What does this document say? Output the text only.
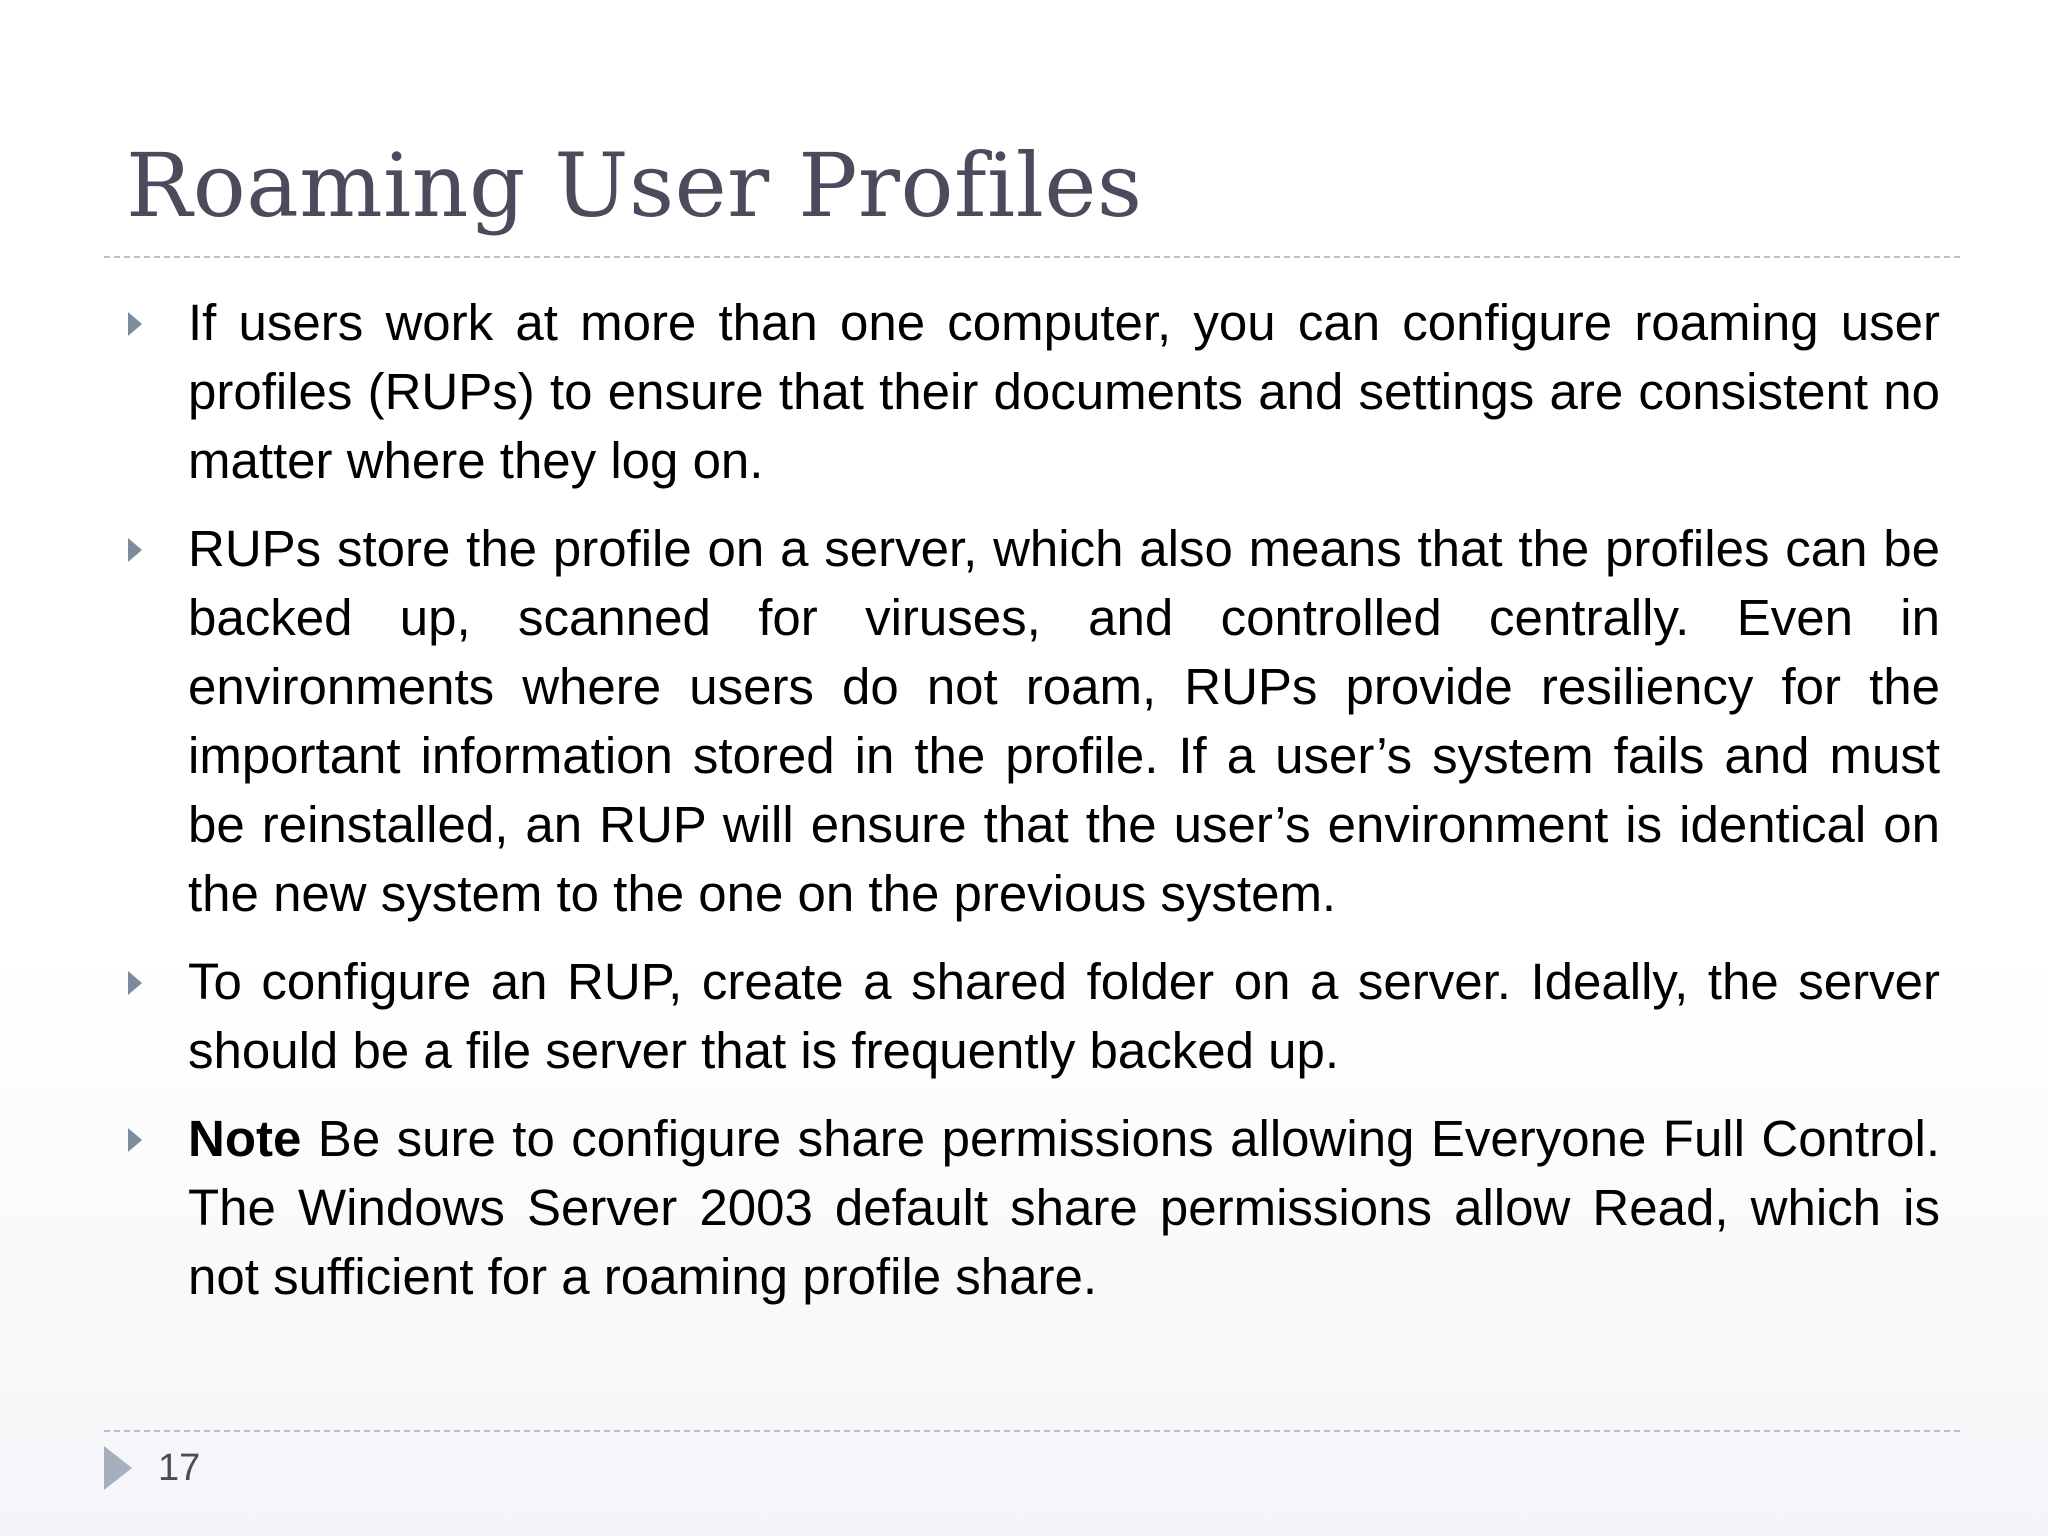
Roaming User Profiles
If users work at more than one computer, you can configure roaming user profiles (RUPs) to ensure that their documents and settings are consistent no matter where they log on.
RUPs store the profile on a server, which also means that the profiles can be backed up, scanned for viruses, and controlled centrally. Even in environments where users do not roam, RUPs provide resiliency for the important information stored in the profile. If a user’s system fails and must be reinstalled, an RUP will ensure that the user’s environment is identical on the new system to the one on the previous system.
To configure an RUP, create a shared folder on a server. Ideally, the server should be a file server that is frequently backed up.
Note Be sure to configure share permissions allowing Everyone Full Control. The Windows Server 2003 default share permissions allow Read, which is not sufficient for a roaming profile share.
17
